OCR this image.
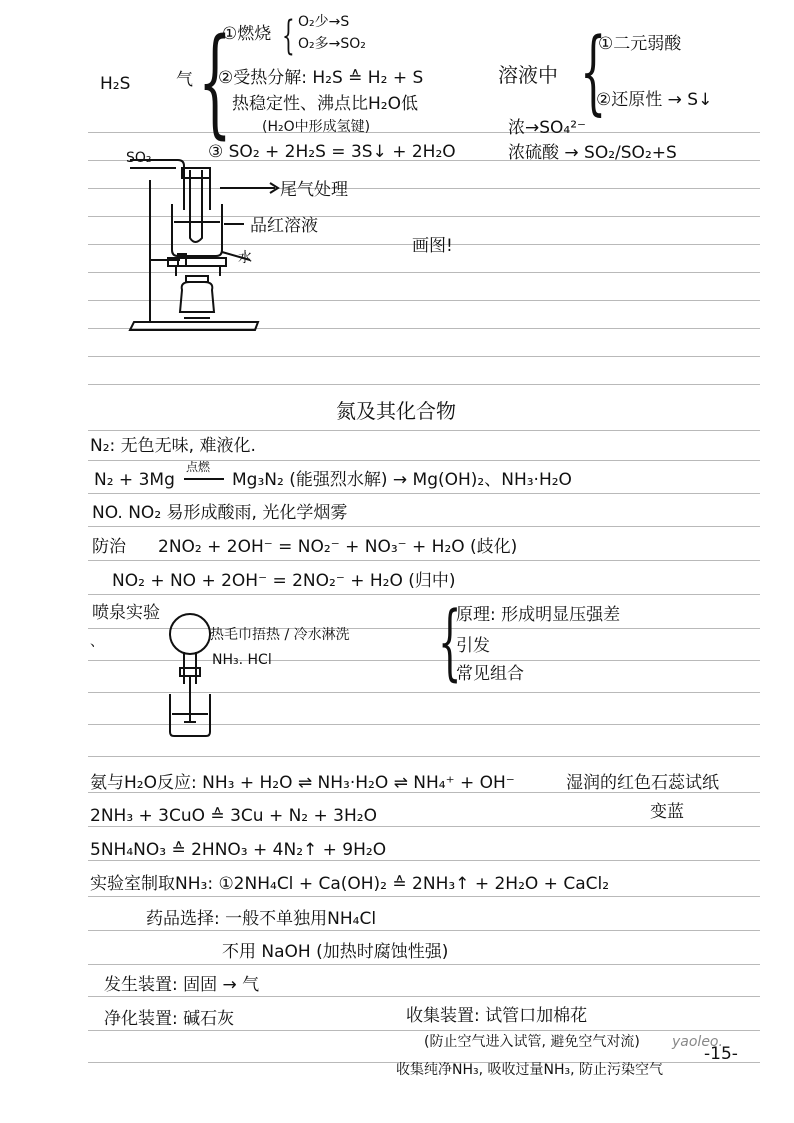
H₂S	气 {
①燃烧 { O₂少→S
O₂多→SO₂
②受热分解: H₂S ≙ H₂ + S
热稳定性、沸点比H₂O低
(H₂O中形成氢键)
③ SO₂ + 2H₂S = 3S↓ + 2H₂O
溶液中 {
①二元弱酸
②还原性 → S↓
浓→SO₄²⁻
浓硫酸 → SO₂/SO₂+S
SO₂
尾气处理
品红溶液
水
画图!
氮及其化合物
N₂: 无色无味, 难液化.
N₂ + 3Mg
点燃
Mg₃N₂ (能强烈水解) → Mg(OH)₂、NH₃·H₂O
NO. NO₂ 易形成酸雨, 光化学烟雾
防治 2NO₂ + 2OH⁻ = NO₂⁻ + NO₃⁻ + H₂O (歧化)
NO₂ + NO + 2OH⁻ = 2NO₂⁻ + H₂O (归中)
喷泉实验
、	热毛巾捂热 / 冷水淋洗
NH₃. HCl {
原理: 形成明显压强差
引发
常见组合
氨与H₂O反应: NH₃ + H₂O ⇌ NH₃·H₂O ⇌ NH₄⁺ + OH⁻	湿润的红色石蕊试纸
变蓝
2NH₃ + 3CuO ≙ 3Cu + N₂ + 3H₂O
5NH₄NO₃ ≙ 2HNO₃ + 4N₂↑ + 9H₂O
实验室制取NH₃: ①2NH₄Cl + Ca(OH)₂ ≙ 2NH₃↑ + 2H₂O + CaCl₂
药品选择: 一般不单独用NH₄Cl
不用 NaOH (加热时腐蚀性强)
发生装置: 固固 → 气
净化装置: 碱石灰	收集装置: 试管口加棉花
(防止空气进入试管, 避免空气对流)
收集纯净NH₃, 吸收过量NH₃, 防止污染空气
yaoleo.
-15-
